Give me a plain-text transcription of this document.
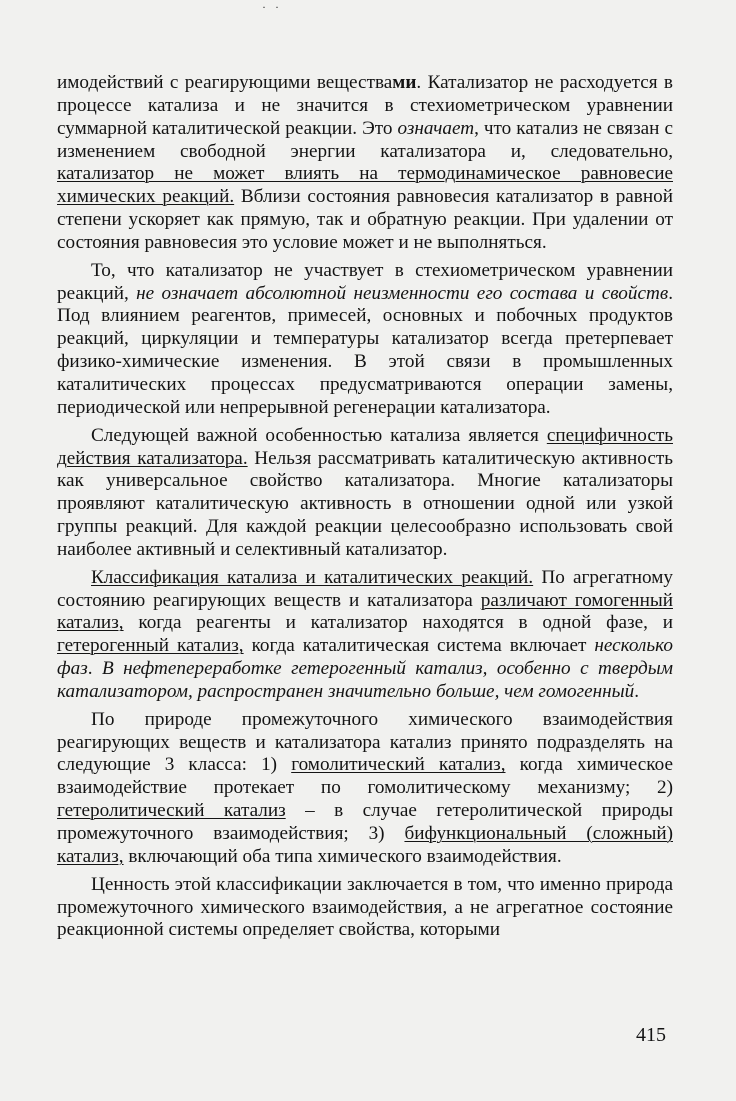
· ·

имодействий с реагирующими веществами. Катализатор не расходуется в процессе катализа и не значится в стехиометрическом уравнении суммарной каталитической реакции. Это означает, что катализ не связан с изменением свободной энергии катализатора и, следовательно, катализатор не может влиять на термодинамическое равновесие химических реакций. Вблизи состояния равновесия катализатор в равной степени ускоряет как прямую, так и обратную реакции. При удалении от состояния равновесия это условие может и не выполняться.

То, что катализатор не участвует в стехиометрическом уравнении реакций, не означает абсолютной неизменности его состава и свойств. Под влиянием реагентов, примесей, основных и побочных продуктов реакций, циркуляции и температуры катализатор всегда претерпевает физико-химические изменения. В этой связи в промышленных каталитических процессах предусматриваются операции замены, периодической или непрерывной регенерации катализатора.

Следующей важной особенностью катализа является специфичность действия катализатора. Нельзя рассматривать каталитическую активность как универсальное свойство катализатора. Многие катализаторы проявляют каталитическую активность в отношении одной или узкой группы реакций. Для каждой реакции целесообразно использовать свой наиболее активный и селективный катализатор.

Классификация катализа и каталитических реакций. По агрегатному состоянию реагирующих веществ и катализатора различают гомогенный катализ, когда реагенты и катализатор находятся в одной фазе, и гетерогенный катализ, когда каталитическая система включает несколько фаз. В нефтепереработке гетерогенный катализ, особенно с твердым катализатором, распространен значительно больше, чем гомогенный.

По природе промежуточного химического взаимодействия реагирующих веществ и катализатора катализ принято подразделять на следующие 3 класса: 1) гомолитический катализ, когда химическое взаимодействие протекает по гомолитическому механизму; 2) гетеролитический катализ – в случае гетеролитической природы промежуточного взаимодействия; 3) бифункциональный (сложный) катализ, включающий оба типа химического взаимодействия.

Ценность этой классификации заключается в том, что именно природа промежуточного химического взаимодействия, а не агрегатное состояние реакционной системы определяет свойства, которыми

415
